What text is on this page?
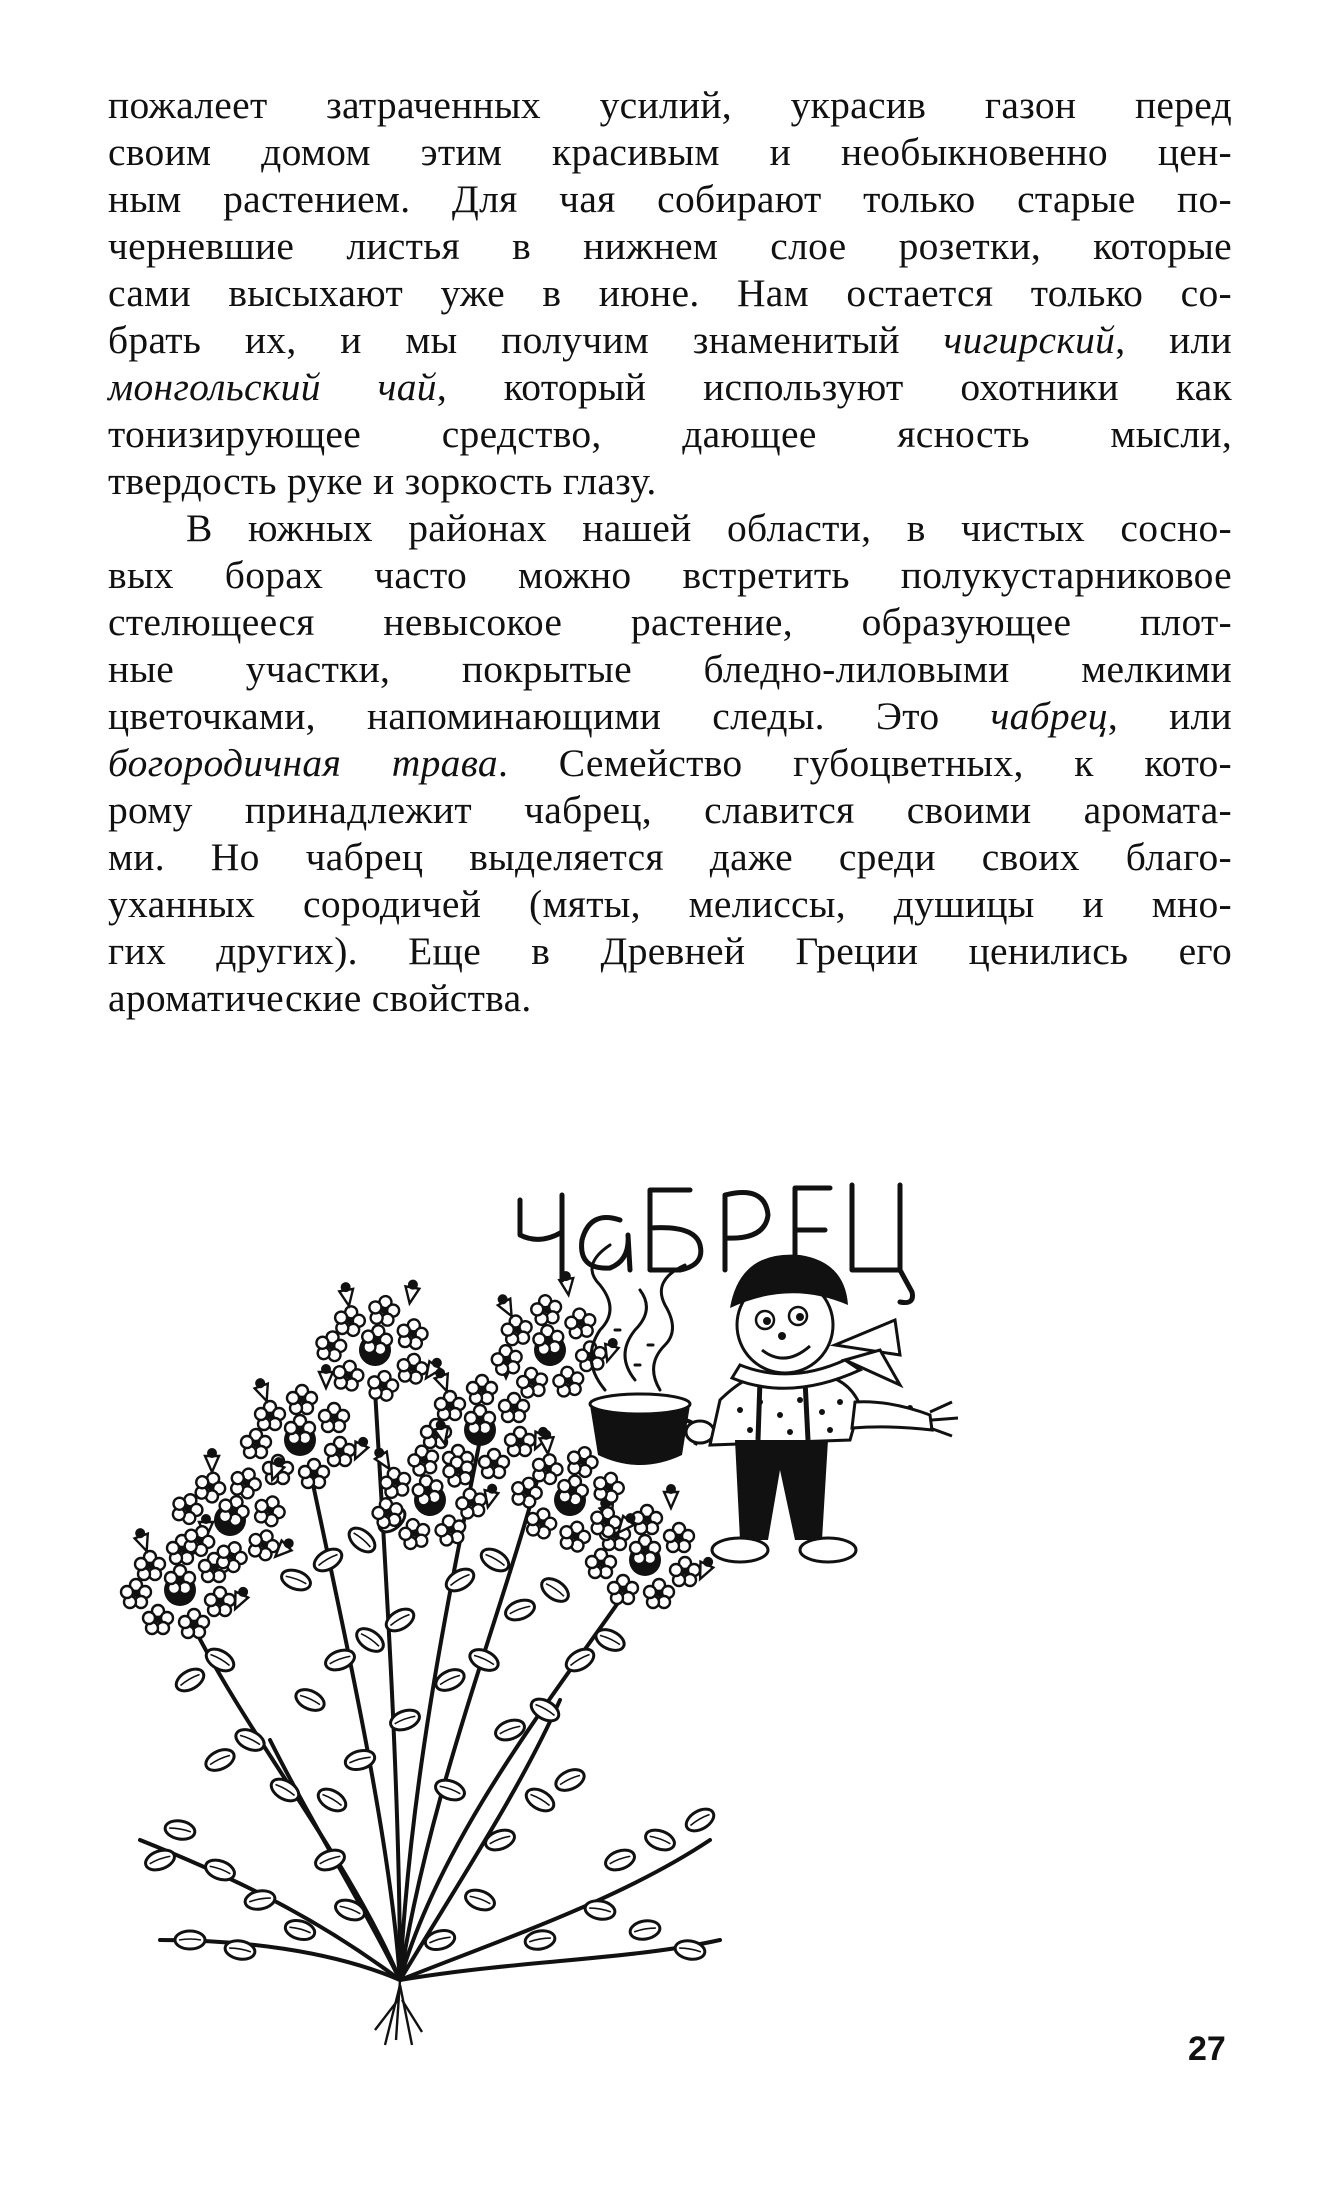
пожалеет затраченных усилий, украсив газон перед
своим домом этим красивым и необыкновенно цен-
ным растением. Для чая собирают только старые по-
черневшие листья в нижнем слое розетки, которые
сами высыхают уже в июне. Нам остается только со-
брать их, и мы получим знаменитый чигирский, или
монгольский чай, который используют охотники как
тонизирующее средство, дающее ясность мысли,
твердость руке и зоркость глазу.

В южных районах нашей области, в чистых сосно-
вых борах часто можно встретить полукустарниковое
стелющееся невысокое растение, образующее плот-
ные участки, покрытые бледно-лиловыми мелкими
цветочками, напоминающими следы. Это чабрец, или
богородичная трава. Семейство губоцветных, к кото-
рому принадлежит чабрец, славится своими аромата-
ми. Но чабрец выделяется даже среди своих благо-
уханных сородичей (мяты, мелиссы, душицы и мно-
гих других). Еще в Древней Греции ценились его
ароматические свойства.

27
